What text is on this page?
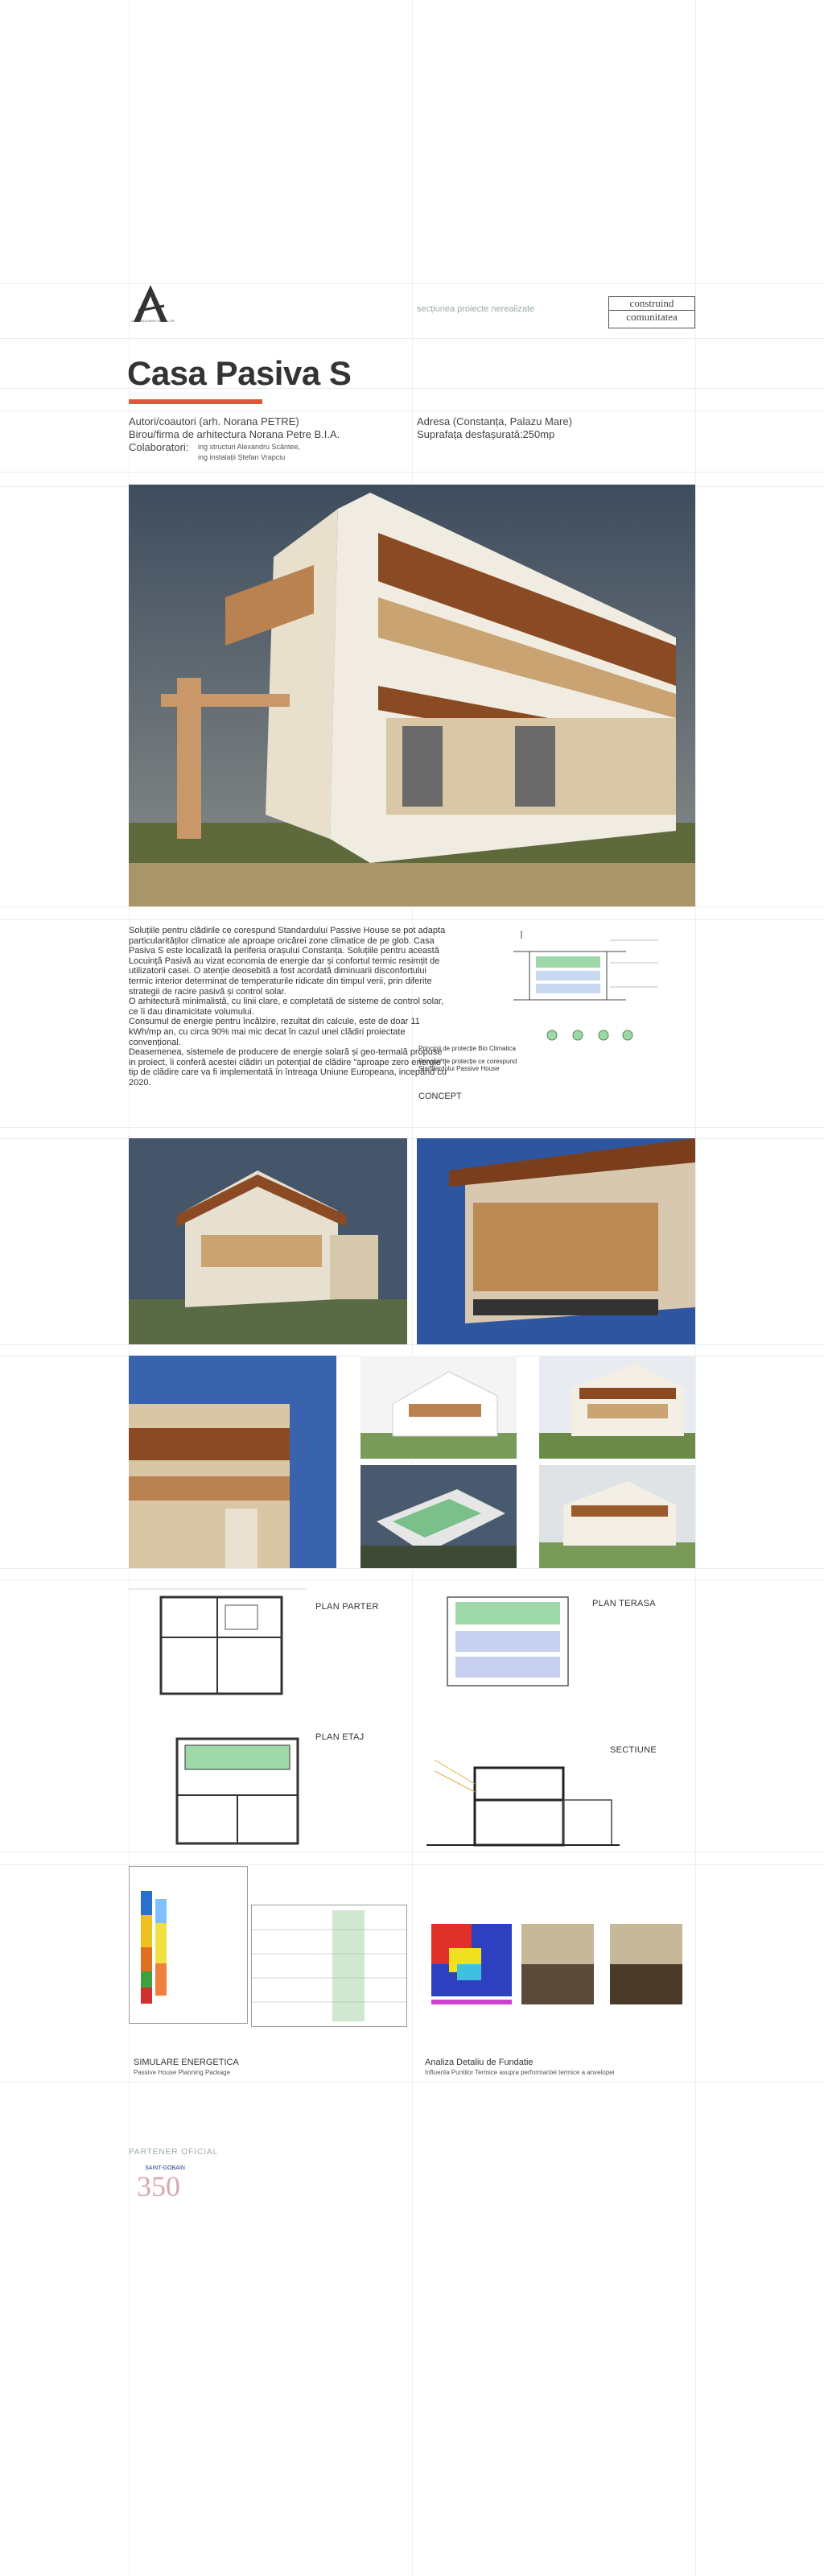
UNIUNEA ARHITECTILOR
secțiunea proiecte nerealizate	construind
comunitatea
Casa Pasiva S
Autori/coautori (arh. Norana PETRE)
Birou/firma de arhitectura Norana Petre B.I.A.
Colaboratori: ing structuri Alexandru Scântee,
ing instalații Ștefan Vrapciu
Adresa (Constanța, Palazu Mare)
Suprafața desfașurată:250mp

Soluțiile pentru clădirile ce corespund Standardului Passive House se pot adapta particularităților climatice ale aproape oricărei zone climatice de pe glob. Casa Pasiva S este localizată la periferia orașului Constanța. Soluțiile pentru această Locuință Pasivă au vizat economia de energie dar și confortul termic resimțit de utilizatorii casei. O atenție deosebită a fost acordată diminuarii disconfortului termic interior determinat de temperaturile ridicate din timpul verii, prin diferite strategii de racire pasivă și control solar.

O arhitectură minimalistă, cu linii clare, e completată de sisteme de control solar, ce îi dau dinamicitate volumului.

Consumul de energie pentru încălzire, rezultat din calcule, este de doar 11 kWh/mp an, cu circa 90% mai mic decat în cazul unei clădiri proiectate convențional.

Deasemenea, sistemele de producere de energie solară și geo-termală propuse in proiect, îi conferă acestei clădiri un potențial de clădire "aproape zero energie", tip de clădire care va fi implementată în întreaga Uniune Europeana, incepând cu 2020.

Principii de protecție Bio Climatica
Principii de protecție ce corespund
Standardului Passive House
CONCEPT
PLAN PARTER	PLAN TERASA
PLAN ETAJ
SECTIUNE
SIMULARE ENERGETICA
Passive House Planning Package
Analiza Detaliu de Fundatie
Influenta Puntilor Termice asupra performantei termice a anvelopei
PARTENER OFICIAL
SAINT-GOBAIN
350
